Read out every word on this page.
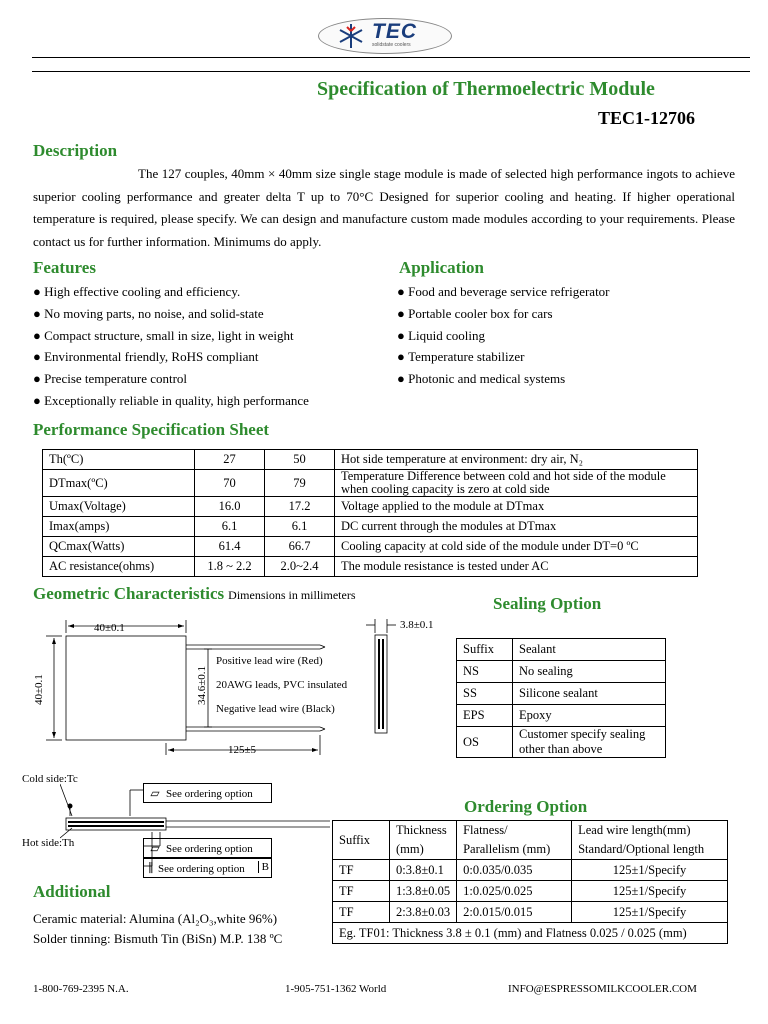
TEC
solidstate coolers
Specification of Thermoelectric Module
TEC1-12706
Description
The 127 couples, 40mm × 40mm size single stage module is made of selected high performance ingots to achieve superior cooling performance and greater delta T up to 70°C Designed for superior cooling and heating. If higher operational temperature is required, please specify. We can design and manufacture custom made modules according to your requirements. Please contact us for further information. Minimums do apply.
Features
● High effective cooling and efficiency.
● No moving parts, no noise, and solid-state
● Compact structure, small in size, light in weight
● Environmental friendly, RoHS compliant
● Precise temperature control
● Exceptionally reliable in quality, high performance
Application
● Food and beverage service refrigerator
● Portable cooler box for cars
● Liquid cooling
● Temperature stabilizer
● Photonic and medical systems
Performance Specification Sheet
Th(ºC)	27	50	Hot side temperature at environment: dry air, N₂
DTmax(ºC)	70	79	Temperature Difference between cold and hot side of the module when cooling capacity is zero at cold side
Umax(Voltage)	16.0	17.2	Voltage applied to the module at DTmax
Imax(amps)	6.1	6.1	DC current through the modules at DTmax
QCmax(Watts)	61.4	66.7	Cooling capacity at cold side of the module under DT=0 ºC
AC resistance(ohms)	1.8 ~ 2.2	2.0~2.4	The module resistance is tested under AC
Geometric Characteristics Dimensions in millimeters
40±0.1
40±0.1	34.6±0.1
Positive lead wire (Red)
20AWG leads, PVC insulated
Negative lead wire (Black)
125±5
3.8±0.1
Cold side:Tc
Hot side:Th
▱ See ordering option
▱ See ordering option
∥ See ordering option	B
Sealing Option
Suffix	Sealant
NS	No sealing
SS	Silicone sealant
EPS	Epoxy
OS	Customer specify sealing other than above
Ordering Option
Suffix	Thickness (mm)	Flatness/ Parallelism (mm)	Lead wire length(mm) Standard/Optional length
TF	0:3.8±0.1	0:0.035/0.035	125±1/Specify
TF	1:3.8±0.05	1:0.025/0.025	125±1/Specify
TF	2:3.8±0.03	2:0.015/0.015	125±1/Specify
Eg. TF01: Thickness 3.8 ± 0.1 (mm) and Flatness 0.025 / 0.025 (mm)			
Additional
Ceramic material: Alumina (Al₂O₃,white 96%)
Solder tinning: Bismuth Tin (BiSn) M.P. 138 ºC
1-800-769-2395 N.A.	1-905-751-1362 World	INFO@ESPRESSOMILKCOOLER.COM
